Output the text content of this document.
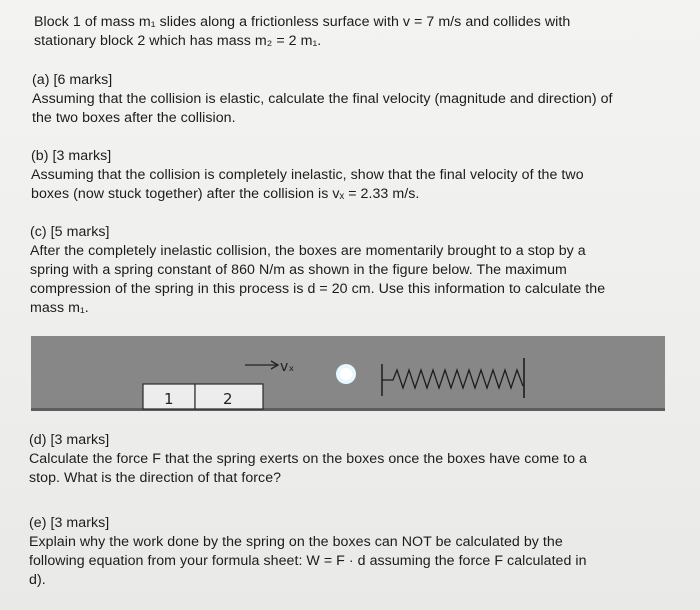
Block 1 of mass m₁ slides along a frictionless surface with v = 7 m/s and collides with
stationary block 2 which has mass m₂ = 2 m₁.
(a) [6 marks]
Assuming that the collision is elastic, calculate the final velocity (magnitude and direction) of
the two boxes after the collision.
(b) [3 marks]
Assuming that the collision is completely inelastic, show that the final velocity of the two
boxes (now stuck together) after the collision is vₓ = 2.33 m/s.
(c) [5 marks]
After the completely inelastic collision, the boxes are momentarily brought to a stop by a
spring with a spring constant of 860 N/m as shown in the figure below. The maximum
compression of the spring in this process is d = 20 cm. Use this information to calculate the
mass m₁.
1	2
vₓ
(d) [3 marks]
Calculate the force F that the spring exerts on the boxes once the boxes have come to a
stop. What is the direction of that force?
(e) [3 marks]
Explain why the work done by the spring on the boxes can NOT be calculated by the
following equation from your formula sheet: W = F · d assuming the force F calculated in
d).
